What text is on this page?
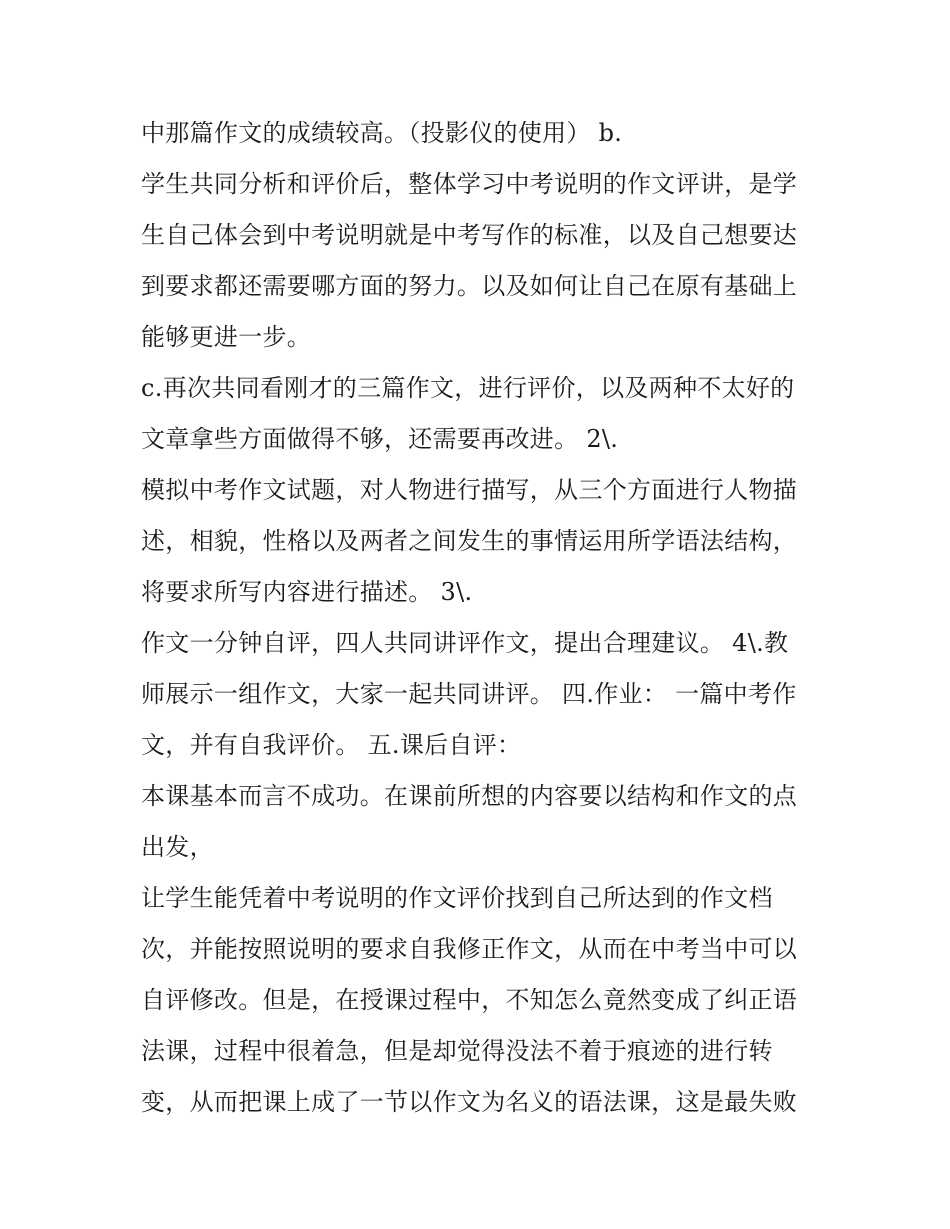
中那篇作文的成绩较高。（投影仪的使用） b.
学生共同分析和评价后，整体学习中考说明的作文评讲，是学
生自己体会到中考说明就是中考写作的标准，以及自己想要达
到要求都还需要哪方面的努力。以及如何让自己在原有基础上
能够更进一步。
c.再次共同看刚才的三篇作文，进行评价，以及两种不太好的
文章拿些方面做得不够，还需要再改进。 2\.
模拟中考作文试题，对人物进行描写，从三个方面进行人物描
述，相貌，性格以及两者之间发生的事情运用所学语法结构，
将要求所写内容进行描述。 3\.
作文一分钟自评，四人共同讲评作文，提出合理建议。 4\.教
师展示一组作文，大家一起共同讲评。 四.作业： 一篇中考作
文，并有自我评价。 五.课后自评：
本课基本而言不成功。在课前所想的内容要以结构和作文的点
出发，
让学生能凭着中考说明的作文评价找到自己所达到的作文档
次，并能按照说明的要求自我修正作文，从而在中考当中可以
自评修改。但是，在授课过程中，不知怎么竟然变成了纠正语
法课，过程中很着急，但是却觉得没法不着于痕迹的进行转
变，从而把课上成了一节以作文为名义的语法课，这是最失败
